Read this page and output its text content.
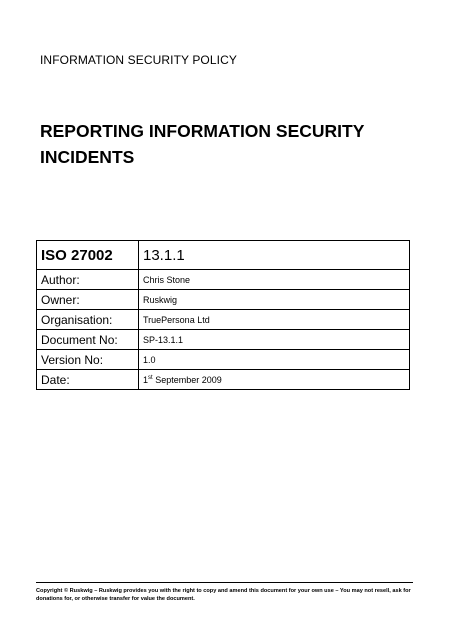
INFORMATION SECURITY POLICY
REPORTING INFORMATION SECURITY
INCIDENTS
ISO 27002	13.1.1
Author:	Chris Stone
Owner:	Ruskwig
Organisation:	TruePersona Ltd
Document No:	SP-13.1.1
Version No:	1.0
Date:	1st September 2009
Copyright © Ruskwig – Ruskwig provides you with the right to copy and amend this document for your own use – You may not resell, ask for donations for, or otherwise transfer for value the document.
